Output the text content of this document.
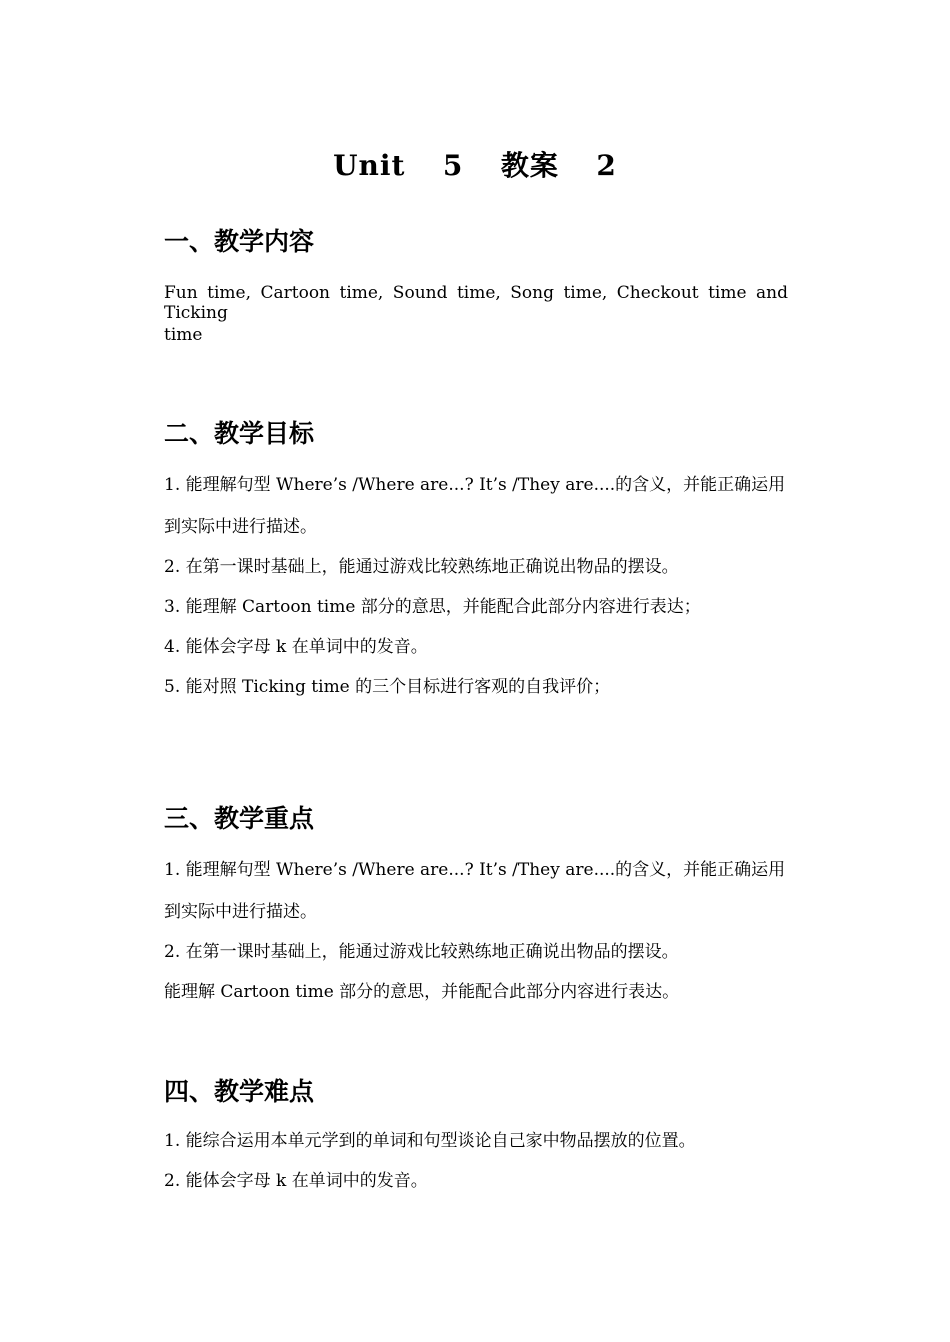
Unit  5  教案  2
一、教学内容

Fun time, Cartoon time, Sound time, Song time, Checkout time and Ticking

time

二、教学目标

1. 能理解句型 Where’s /Where are...? It’s /They are....的含义，并能正确运用

到实际中进行描述。

2. 在第一课时基础上，能通过游戏比较熟练地正确说出物品的摆设。

3. 能理解 Cartoon time 部分的意思，并能配合此部分内容进行表达；

4. 能体会字母 k 在单词中的发音。

5. 能对照 Ticking time 的三个目标进行客观的自我评价；

三、教学重点

1. 能理解句型 Where’s /Where are...? It’s /They are....的含义，并能正确运用

到实际中进行描述。

2. 在第一课时基础上，能通过游戏比较熟练地正确说出物品的摆设。

能理解 Cartoon time 部分的意思，并能配合此部分内容进行表达。

四、教学难点

1. 能综合运用本单元学到的单词和句型谈论自己家中物品摆放的位置。

2. 能体会字母 k 在单词中的发音。
